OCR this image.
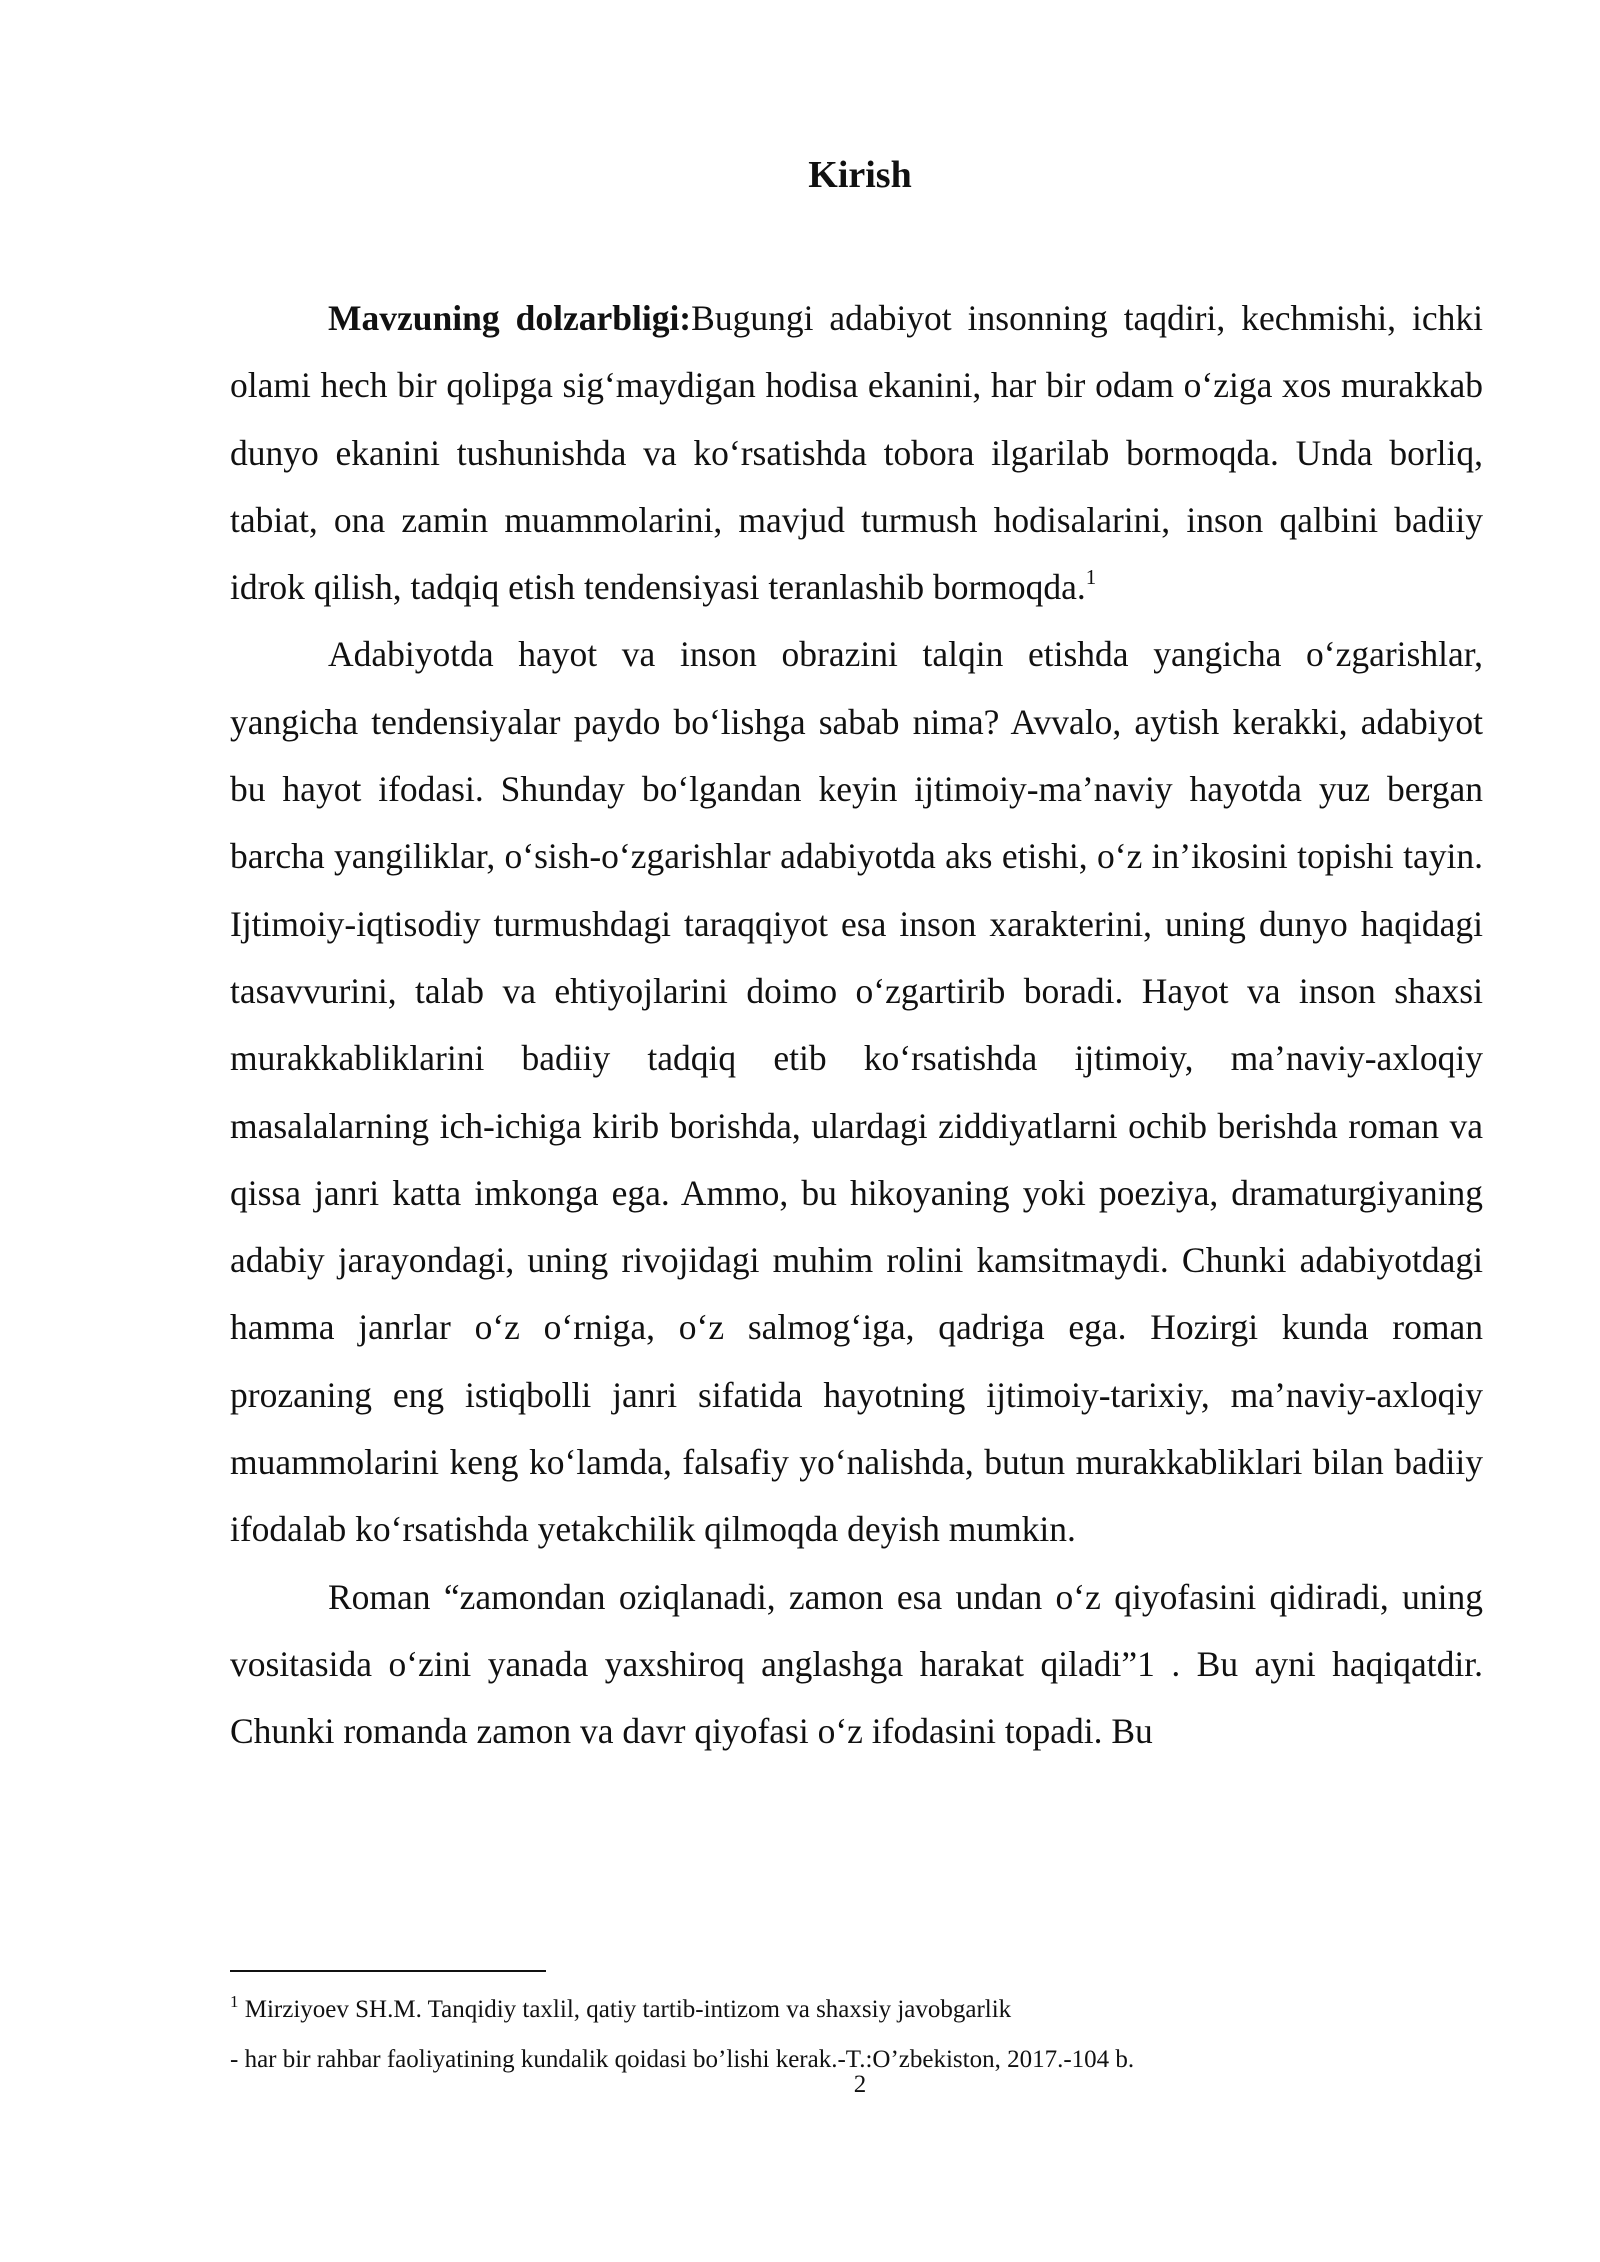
Kirish

Mavzuning dolzarbligi:Bugungi adabiyot insonning taqdiri, kechmishi, ichki olami hech bir qolipga sig‘maydigan hodisa ekanini, har bir odam o‘ziga xos murakkab dunyo ekanini tushunishda va ko‘rsatishda tobora ilgarilab bormoqda. Unda borliq, tabiat, ona zamin muammolarini, mavjud turmush hodisalarini, inson qalbini badiiy idrok qilish, tadqiq etish tendensiyasi teranlashib bormoqda.$^1$

Adabiyotda hayot va inson obrazini talqin etishda yangicha o‘zgarishlar, yangicha tendensiyalar paydo bo‘lishga sabab nima? Avvalo, aytish kerakki, adabiyot bu hayot ifodasi. Shunday bo‘lgandan keyin ijtimoiy-ma’naviy hayotda yuz bergan barcha yangiliklar, o‘sish-o‘zgarishlar adabiyotda aks etishi, o‘z in’ikosini topishi tayin. Ijtimoiy-iqtisodiy turmushdagi taraqqiyot esa inson xarakterini, uning dunyo haqidagi tasavvurini, talab va ehtiyojlarini doimo o‘zgartirib boradi. Hayot va inson shaxsi murakkabliklarini badiiy tadqiq etib ko‘rsatishda ijtimoiy, ma’naviy-axloqiy masalalarning ich-ichiga kirib borishda, ulardagi ziddiyatlarni ochib berishda roman va qissa janri katta imkonga ega. Ammo, bu hikoyaning yoki poeziya, dramaturgiyaning adabiy jarayondagi, uning rivojidagi muhim rolini kamsitmaydi. Chunki adabiyotdagi hamma janrlar o‘z o‘rniga, o‘z salmog‘iga, qadriga ega. Hozirgi kunda roman prozaning eng istiqbolli janri sifatida hayotning ijtimoiy-tarixiy, ma’naviy-axloqiy muammolarini keng ko‘lamda, falsafiy yo‘nalishda, butun murakkabliklari bilan badiiy ifodalab ko‘rsatishda yetakchilik qilmoqda deyish mumkin.

Roman “zamondan oziqlanadi, zamon esa undan o‘z qiyofasini qidiradi, uning vositasida o‘zini yanada yaxshiroq anglashga harakat qiladi”1 . Bu ayni haqiqatdir. Chunki romanda zamon va davr qiyofasi o‘z ifodasini topadi. Bu

$^1$ Mirziyoev SH.M. Tanqidiy taxlil, qatiy tartib-intizom va shaxsiy javobgarlik
- har bir rahbar faoliyatining kundalik qoidasi bo’lishi kerak.-T.:O’zbekiston, 2017.-104 b.
2
